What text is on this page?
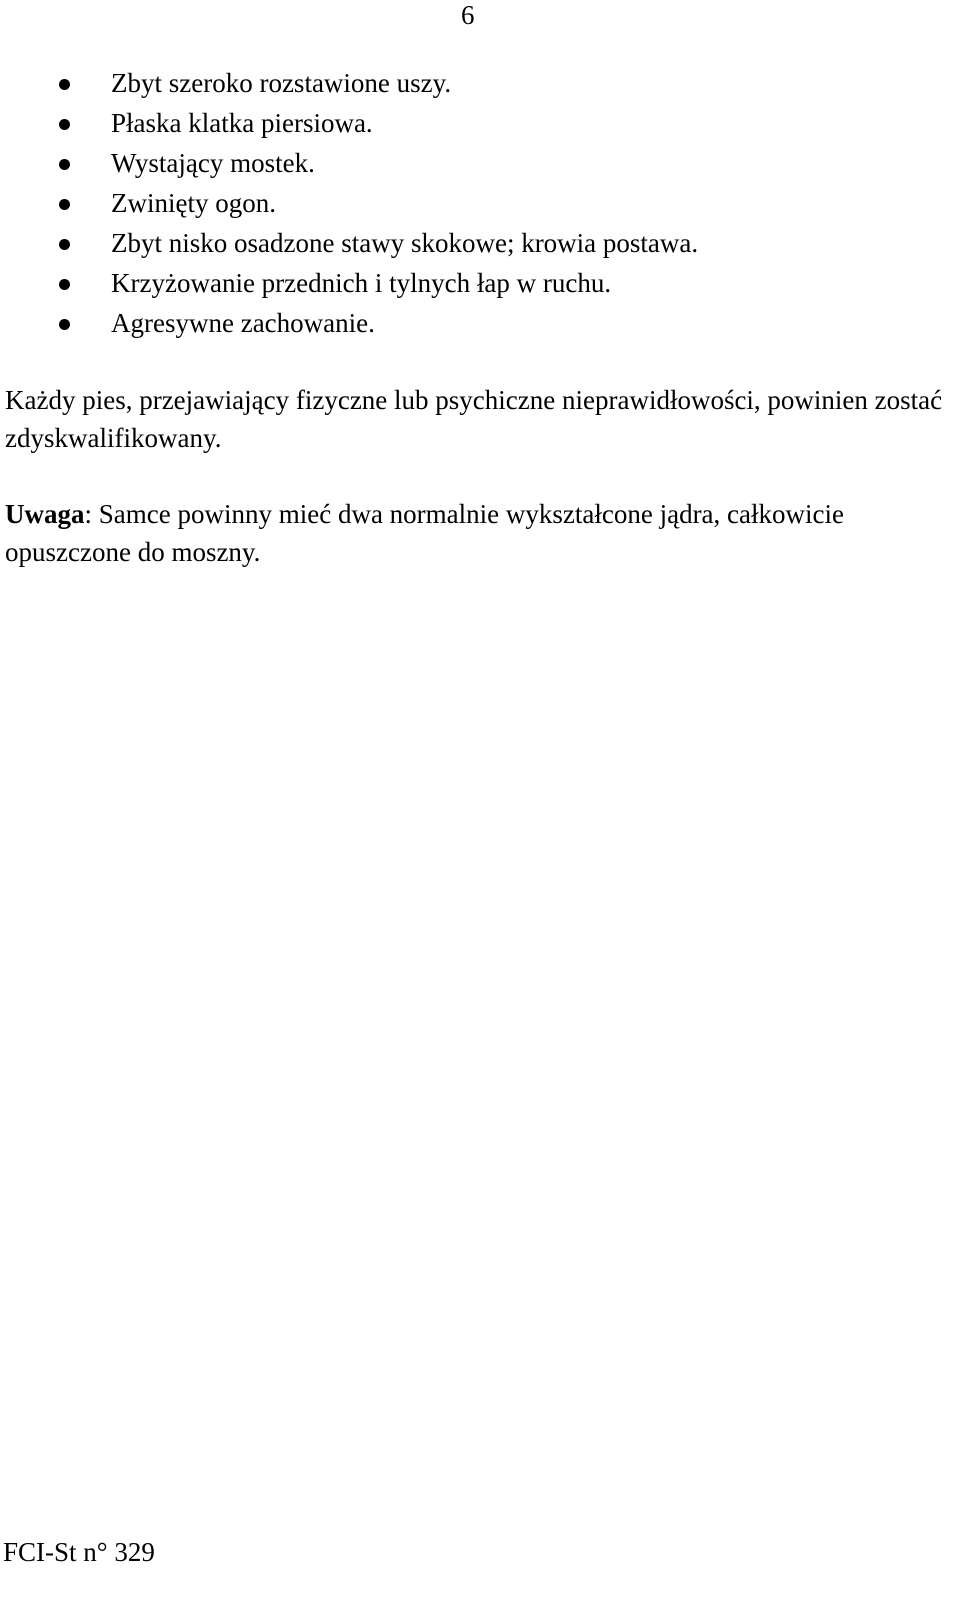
6
Zbyt szeroko rozstawione uszy.
Płaska klatka piersiowa.
Wystający mostek.
Zwinięty ogon.
Zbyt nisko osadzone stawy skokowe; krowia postawa.
Krzyżowanie przednich i tylnych łap w ruchu.
Agresywne zachowanie.

Każdy pies, przejawiający fizyczne lub psychiczne nieprawidłowości, powinien zostać zdyskwalifikowany.

Uwaga: Samce powinny mieć dwa normalnie wykształcone jądra, całkowicie opuszczone do moszny.

FCI-St n° 329
